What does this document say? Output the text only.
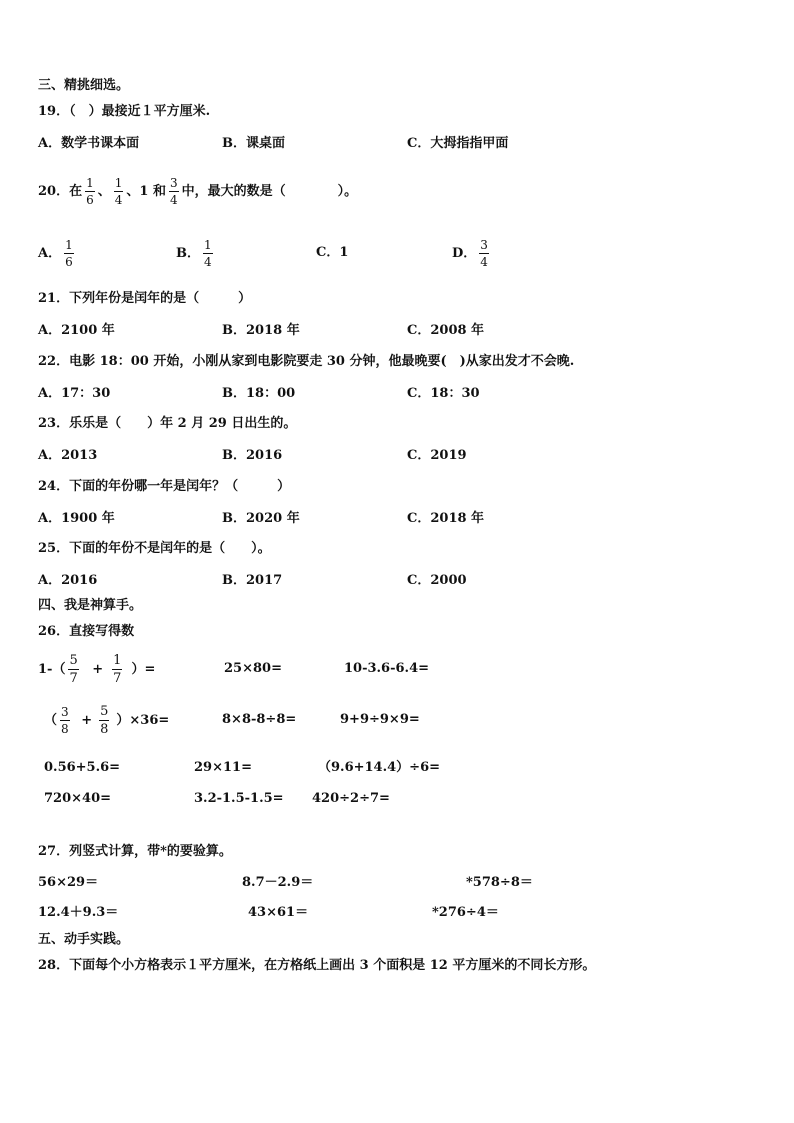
三、精挑细选。
19．（　）最接近１平方厘米.
A．数学书课本面	B．课桌面	C．大拇指指甲面
20．在 $\frac{1}{6}$ 、 $\frac{1}{4}$ 、1 和 $\frac{3}{4}$ 中，最大的数是（　　　　）。
A． $\frac{1}{6}$	B． $\frac{1}{4}$	C．1	D． $\frac{3}{4}$
21．下列年份是闰年的是（　　　）
A．2100 年	B．2018 年	C．2008 年
22．电影 18：00 开始，小刚从家到电影院要走 30 分钟，他最晚要(　)从家出发才不会晚.
A．17：30	B．18：00	C．18：30
23．乐乐是（　　）年 2 月 29 日出生的。
A．2013	B．2016	C．2019
24．下面的年份哪一年是闰年？（　　　）
A．1900 年	B．2020 年	C．2018 年
25．下面的年份不是闰年的是（　　）。
A．2016	B．2017	C．2000
四、我是神算手。
26．直接写得数
$1-( \frac{5}{7} + \frac{1}{7}$ ）=	25×80=	10-3.6-6.4=
（ $\frac{3}{8} + \frac{5}{8} )\times 36=$	8×8-8÷8=	9+9÷9×9=
0.56+5.6=	29×11=	（9.6+14.4）÷6=
720×40=	3.2-1.5-1.5= 420÷2÷7=
27．列竖式计算，带*的要验算。
56×29＝	8.7－2.9＝	*578÷8＝
12.4＋9.3＝	43×61＝	*276÷4＝
五、动手实践。
28．下面每个小方格表示１平方厘米，在方格纸上画出 3 个面积是 12 平方厘米的不同长方形。
